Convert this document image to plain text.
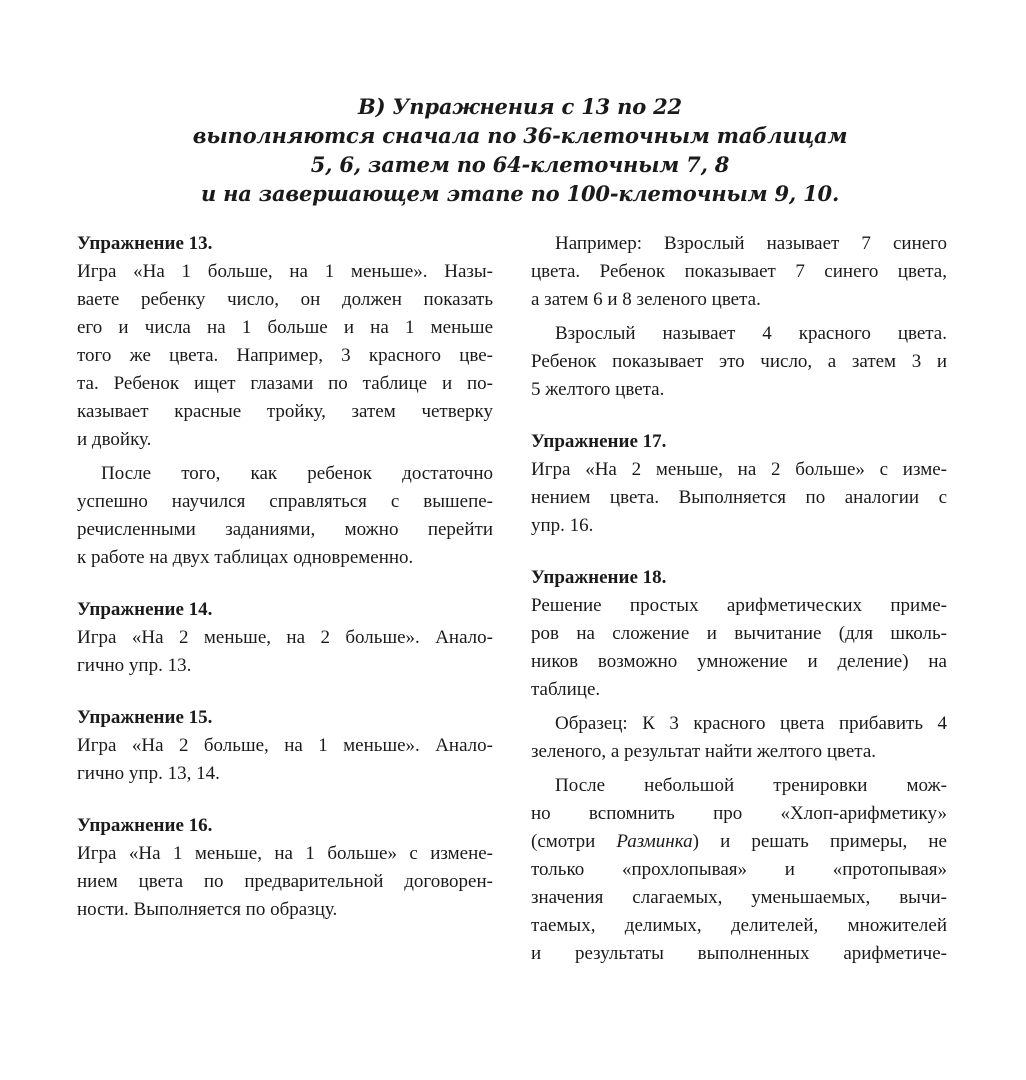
В) Упражнения с 13 по 22
выполняются сначала по 36-клеточным таблицам
5, 6, затем по 64-клеточным 7, 8
и на завершающем этапе по 100-клеточным 9, 10.
Упражнение 13.
Игра «На 1 больше, на 1 меньше». Назы-
ваете ребенку число, он должен показать
его и числа на 1 больше и на 1 меньше
того же цвета. Например, 3 красного цве-
та. Ребенок ищет глазами по таблице и по-
казывает красные тройку, затем четверку
и двойку.
После того, как ребенок достаточно
успешно научился справляться с вышепе-
речисленными заданиями, можно перейти
к работе на двух таблицах одновременно.
Упражнение 14.
Игра «На 2 меньше, на 2 больше». Анало-
гично упр. 13.
Упражнение 15.
Игра «На 2 больше, на 1 меньше». Анало-
гично упр. 13, 14.
Упражнение 16.
Игра «На 1 меньше, на 1 больше» с измене-
нием цвета по предварительной договорен-
ности. Выполняется по образцу.
Например: Взрослый называет 7 синего
цвета. Ребенок показывает 7 синего цвета,
а затем 6 и 8 зеленого цвета.
Взрослый называет 4 красного цвета.
Ребенок показывает это число, а затем 3 и
5 желтого цвета.
Упражнение 17.
Игра «На 2 меньше, на 2 больше» с изме-
нением цвета. Выполняется по аналогии с
упр. 16.
Упражнение 18.
Решение простых арифметических приме-
ров на сложение и вычитание (для школь-
ников возможно умножение и деление) на
таблице.
Образец: К 3 красного цвета прибавить 4
зеленого, а результат найти желтого цвета.
После небольшой тренировки мож-
но вспомнить про «Хлоп-арифметику»
(смотри Разминка) и решать примеры, не
только «прохлопывая» и «протопывая»
значения слагаемых, уменьшаемых, вычи-
таемых, делимых, делителей, множителей
и результаты выполненных арифметиче-
